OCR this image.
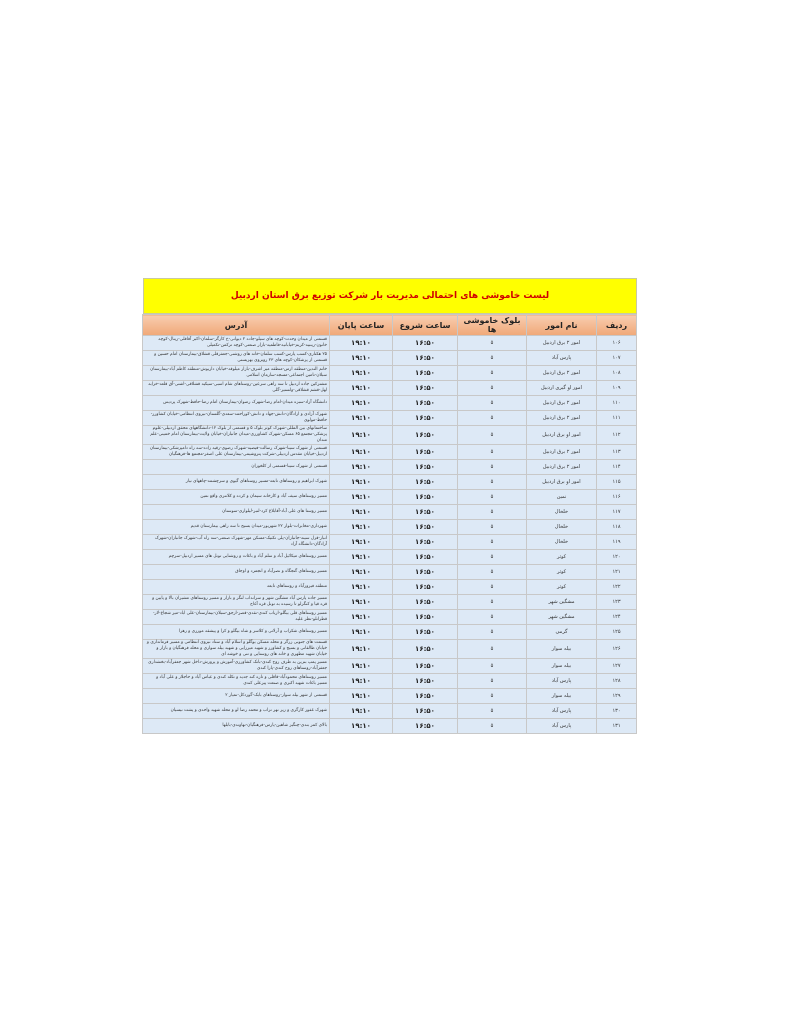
لیست خاموشی های احتمالی مدیریت بار شرکت توزیع برق استان اردبیل
ردیف	نام امور	بلوک خاموشی ها	ساعت شروع	ساعت پایان	آدرس
۱۰۶	امور ۲ برق اردبیل	۵	۱۶:۵۰	۱۹:۱۰	قسمتی از میدان وحدت-کوچه های سیلو-جاده ۲ دیوانی-خ کارگر-سلمان-اکبر آقاقلی-زینال-کوچه خانون-زینبیه-کریم-خیابانیه-فاطمیه-بازار صنعتی-کوچه ترکمن-تکمیلی
۱۰۷	پارس آباد	۵	۱۶:۵۰	۱۹:۱۰	۲۵ هکتاری-کسب پارس-کسب سلمان-خانه های روشنی-جعفرقلی قشلاق-بیمارستان امام حسین و قسمتی از پزشکان-کوچه های ۲۳ روبروی بهزیستی
۱۰۸	امور ۲ برق اردبیل	۵	۱۶:۵۰	۱۹:۱۰	خانم الندین-منطقه ارس-منطقه میر اشرف-بازار میلوقه-خیابان داریوش-منطقه کاظم آباد-بیمارستان سبلان-تامین اجتماعی-مسجد-سازمان اسلامی
۱۰۹	امور او گیری اردبیل	۵	۱۶:۵۰	۱۹:۱۰	مشترکین جاده اردبیل تا سه راهی سرعین-روستاهای شام اسبی-سیکیه قشلاقی-اشتی-آق قلعه-خرابه لهل-قشم قشلاقی-ولستیر-گلی
۱۱۰	امور ۲ برق اردبیل	۵	۱۶:۵۰	۱۹:۱۰	دانشگاه آزاد-سبزه میدان-امام رضا-شهرک رضوان-بیمارستان امام رضا-حافظ-شهرک پردیس
۱۱۱	امور ۲ برق اردبیل	۵	۱۶:۵۰	۱۹:۱۰	شهرک آزادی و ازادگان-دانش-جهاد و دانش-کوراحمد-سعدی-گلستان-نیروی انتظامی-خیابان کشاورز-حافظ-مولوی
۱۱۲	امور او برق اردبیل	۵	۱۶:۵۰	۱۹:۱۰	ساختمانهای بین المللی-شهرک کوثر بلوک ۵ و قسمتی از بلوک ۱۲-دانشگاههای محقق اردبیلی-علوم پزشکی-مجتمع ۶۵ مسکن-شهرک کشاورزی-میدان جانبازان-خیابان ولایت-بیمارستان امام خمینی-علم مندان
۱۱۳	امور ۲ برق اردبیل	۵	۱۶:۵۰	۱۹:۱۰	قسمتی از شهرک سینا-شهرک رسالت-فیضیه-شهرک رضوی-رقیه زاده-سه راه دامپزشکی-بیمارستان اردبیل-خیابان مقدس اردبیلی-شرکت پتروشیمی-بیمارستان علی اصغر-مجتمع ها-فرهنگیان
۱۱۴	امور ۲ برق اردبیل	۵	۱۶:۵۰	۱۹:۱۰	قسمتی از شهرک سینا-قسمتی از کلخوران
۱۱۵	امور او برق اردبیل	۵	۱۶:۵۰	۱۹:۱۰	شهرک ابراهیم و روستاهای تابعه-مسیر روستاهای گیوی و سرچشمه-چاههای نیار
۱۱۶	نمین	۵	۱۶:۵۰	۱۹:۱۰	مسیر روستاهای سیف آباد و کارخانه سیمان و کرده و کلانتری واقع نمین
۱۱۷	خلخال	۵	۱۶:۵۰	۱۹:۱۰	مسیر روستا های علی آباد-آقابلاغ کرد-لنبر-لیلواری-سوستان
۱۱۸	خلخال	۵	۱۶:۵۰	۱۹:۱۰	شهرداری-مخابرات-بلوار ۲۲ شهریور-میدان بسیج تا سه راهی بیمارستان قدیم
۱۱۹	خلخال	۵	۱۶:۵۰	۱۹:۱۰	انبار-قزل سینه-جانبازان-پلی تکنیک-مسکن مهر-شهرک صنعتی-سه راه آب-شهرک جانبازان-شهرک آزادگان-دانشگاه آزاد
۱۲۰	کوثر	۵	۱۶:۵۰	۱۹:۱۰	مسیر روستاهای میکائیل آباد و سلم آباد و باغات و روشنایی تونل های مسیر اردبیل-سرچم
۱۲۱	کوثر	۵	۱۶:۵۰	۱۹:۱۰	مسیر روستاهای گنجگاه و نصرآباد و انجمرد و اوجاق
۱۲۲	کوثر	۵	۱۶:۵۰	۱۹:۱۰	منطقه فیروزآباد و روستاهای تابعه
۱۲۳	مشگین شهر	۵	۱۶:۵۰	۱۹:۱۰	مسیر جاده پارس آباد مشگین شهر و سرانداب لنگر و بازار و مسیر روستاهای مشیران بالا و پایین و قره قیا و کنگرلو تا رسیده به تونل قره آغاج
۱۲۴	مشگین شهر	۵	۱۶:۵۰	۱۹:۱۰	مسیر روستاهای قلی بیگلو-ارباب کندی-نقدی-قصر-ارجق-سبلان-بیمارستان-علی اباد-میر شجاع-لار-قطرانلو-نظر علیه
۱۲۵	گرمی	۵	۱۶:۵۰	۱۹:۱۰	مسیر روستاهای شکراب و آرلاتی و کلاسر و شاه بیگلو و کرا و پیشقه مورزی و زهرا
۱۲۶	بیله سوار	۵	۱۶:۵۰	۱۹:۱۰	قسمت های جنوبی زرگر و محله مسکن یوگلو و اسلام آباد و ستاد نیروی انتظامی و مسیر فرمانداری و خیابان طالقانی و بسیج و کشاورز و شهید میرزایی و شهید بیله سواری و محله فرهنگیان و بازار و خیابان شهید مطهری و خانه های روستایی و تنی و خوشه ای
۱۲۷	بیله سوار	۵	۱۶:۵۰	۱۹:۱۰	مسیر پمپ بنزین به طرف روح کندی-بانک کشاورزی-آموزش و پرورش-داخل شهر جعفرآباد-بخشداری جعفرآباد-روستاهای روح کندی-پارا کندی
۱۲۸	پارس آباد	۵	۱۶:۵۰	۱۹:۱۰	مسیر روستاهای محمودآباد-قاقلی و تازه کند جدید و تکله کندی و عباس آباد و حاجلار و علی آباد و مسیر باغات شهید اکبری و صنعت پیرعلی کندی
۱۲۹	بیله سوار	۵	۱۶:۵۰	۱۹:۱۰	قسمتی از شهر بیله سوار-روستاهای بابک-گوردکل-نمیار ۲
۱۳۰	پارس آباد	۵	۱۶:۵۰	۱۹:۱۰	شهرک غفور کارگری و زیر نهر تراب و محمد رضا لو و محله شهید واحدی و پشت نیسیان
۱۳۱	پارس آباد	۵	۱۶:۵۰	۱۹:۱۰	بالای کمر بندی-چنگیز شاهین-پارس-فرهنگیان-نهاوندی-بابلها
